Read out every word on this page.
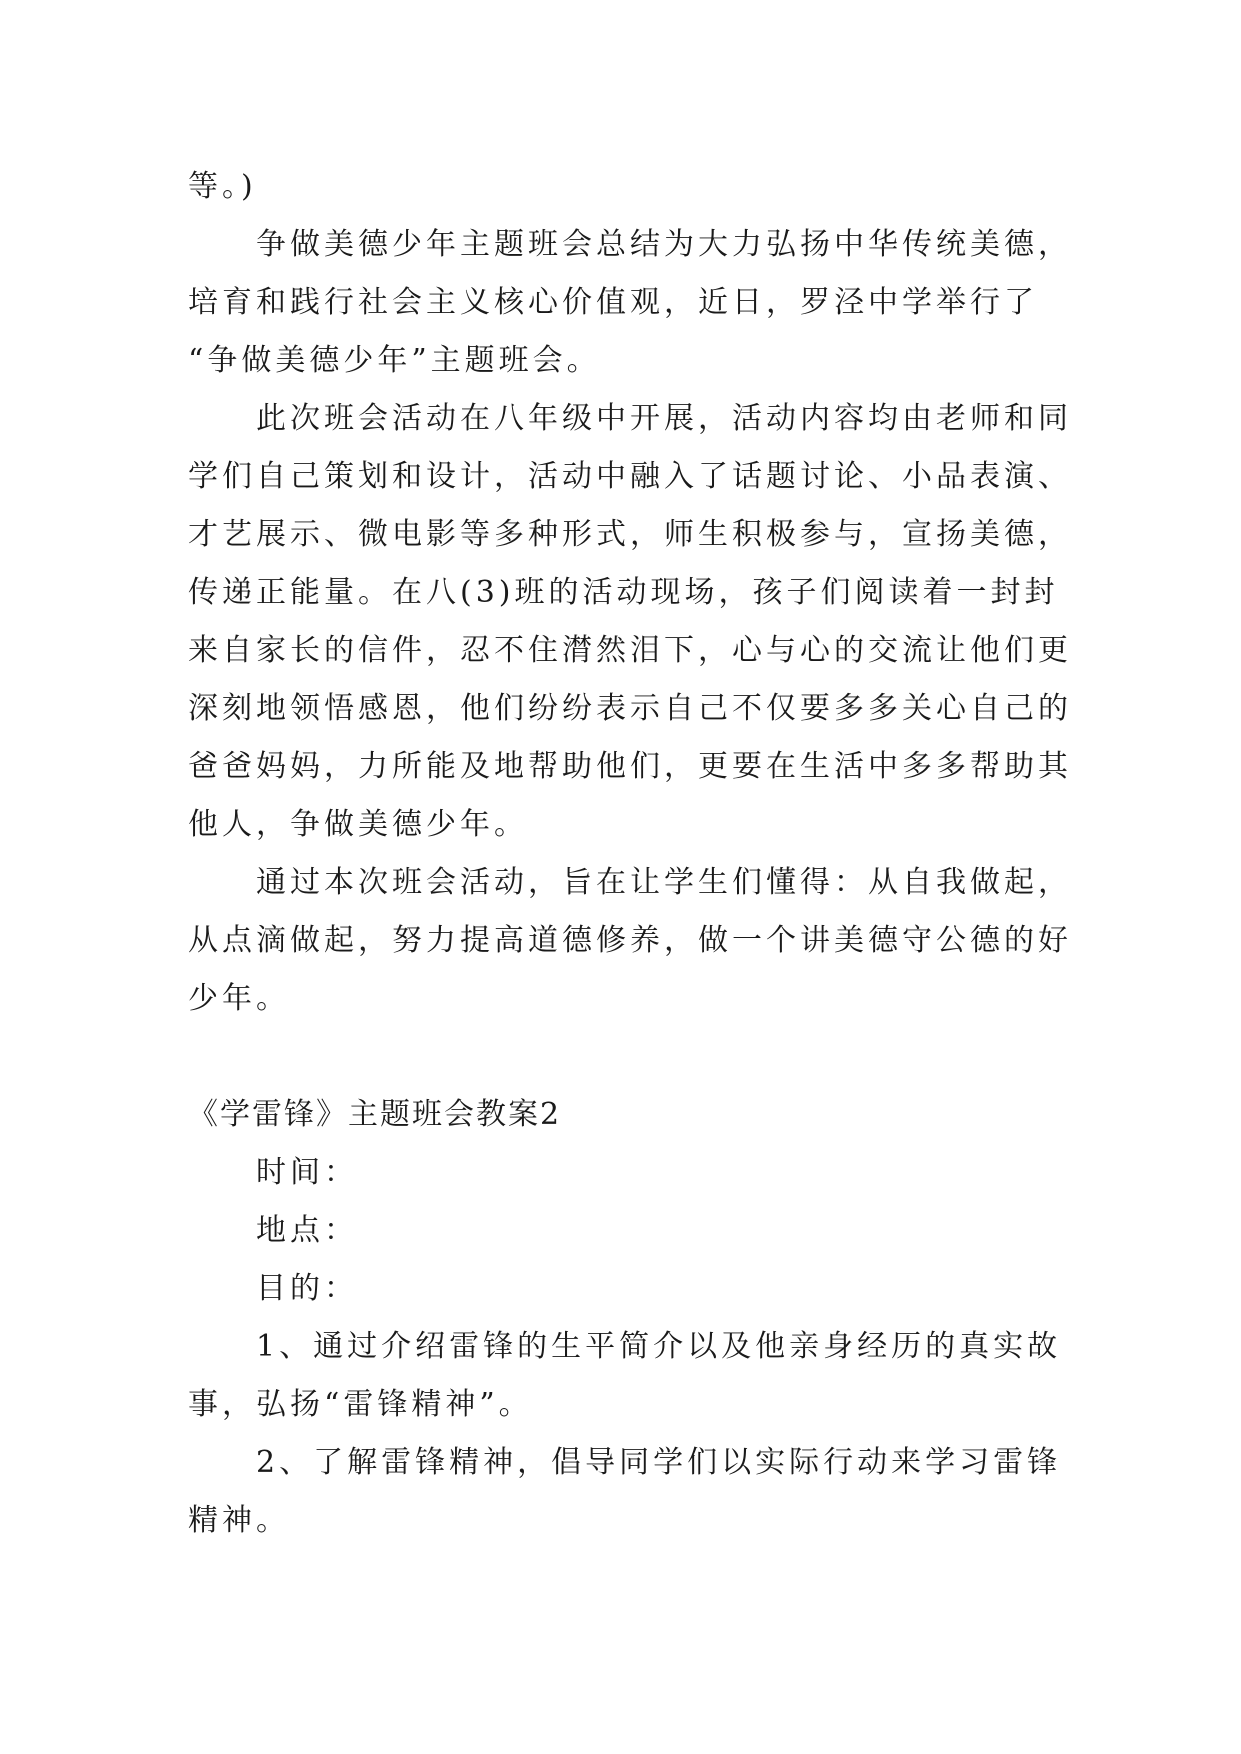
等。)

争做美德少年主题班会总结为大力弘扬中华传统美德，

培育和践行社会主义核心价值观，近日，罗泾中学举行了

“争做美德少年”主题班会。

此次班会活动在八年级中开展，活动内容均由老师和同

学们自己策划和设计，活动中融入了话题讨论、小品表演、

才艺展示、微电影等多种形式，师生积极参与，宣扬美德，

传递正能量。在八(3)班的活动现场，孩子们阅读着一封封

来自家长的信件，忍不住潸然泪下，心与心的交流让他们更

深刻地领悟感恩，他们纷纷表示自己不仅要多多关心自己的

爸爸妈妈，力所能及地帮助他们，更要在生活中多多帮助其

他人，争做美德少年。

通过本次班会活动，旨在让学生们懂得：从自我做起，

从点滴做起，努力提高道德修养，做一个讲美德守公德的好

少年。

《学雷锋》主题班会教案2

时间：

地点：

目的：

1、通过介绍雷锋的生平简介以及他亲身经历的真实故

事，弘扬“雷锋精神”。

2、了解雷锋精神，倡导同学们以实际行动来学习雷锋

精神。
